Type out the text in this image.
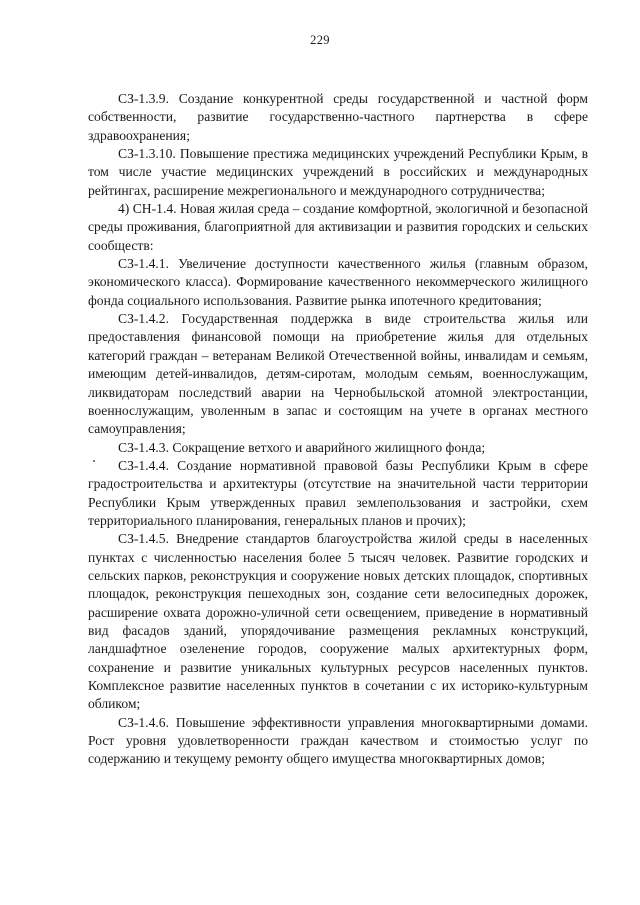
229

СЗ-1.3.9. Создание конкурентной среды государственной и частной форм собственности, развитие государственно-частного партнерства в сфере здравоохранения;

СЗ-1.3.10. Повышение престижа медицинских учреждений Республики Крым, в том числе участие медицинских учреждений в российских и международных рейтингах, расширение межрегионального и международного сотрудничества;

4) СН-1.4. Новая жилая среда – создание комфортной, экологичной и безопасной среды проживания, благоприятной для активизации и развития городских и сельских сообществ:

СЗ-1.4.1. Увеличение доступности качественного жилья (главным образом, экономического класса). Формирование качественного некоммерческого жилищного фонда социального использования. Развитие рынка ипотечного кредитования;

СЗ-1.4.2. Государственная поддержка в виде строительства жилья или предоставления финансовой помощи на приобретение жилья для отдельных категорий граждан – ветеранам Великой Отечественной войны, инвалидам и семьям, имеющим детей-инвалидов, детям-сиротам, молодым семьям, военнослужащим, ликвидаторам последствий аварии на Чернобыльской атомной электростанции, военнослужащим, уволенным в запас и состоящим на учете в органах местного самоуправления;

СЗ-1.4.3. Сокращение ветхого и аварийного жилищного фонда;

СЗ-1.4.4. Создание нормативной правовой базы Республики Крым в сфере градостроительства и архитектуры (отсутствие на значительной части территории Республики Крым утвержденных правил землепользования и застройки, схем территориального планирования, генеральных планов и прочих);

СЗ-1.4.5. Внедрение стандартов благоустройства жилой среды в населенных пунктах с численностью населения более 5 тысяч человек. Развитие городских и сельских парков, реконструкция и сооружение новых детских площадок, спортивных площадок, реконструкция пешеходных зон, создание сети велосипедных дорожек, расширение охвата дорожно-уличной сети освещением, приведение в нормативный вид фасадов зданий, упорядочивание размещения рекламных конструкций, ландшафтное озеленение городов, сооружение малых архитектурных форм, сохранение и развитие уникальных культурных ресурсов населенных пунктов. Комплексное развитие населенных пунктов в сочетании с их историко-культурным обликом;

СЗ-1.4.6. Повышение эффективности управления многоквартирными домами. Рост уровня удовлетворенности граждан качеством и стоимостью услуг по содержанию и текущему ремонту общего имущества многоквартирных домов;
